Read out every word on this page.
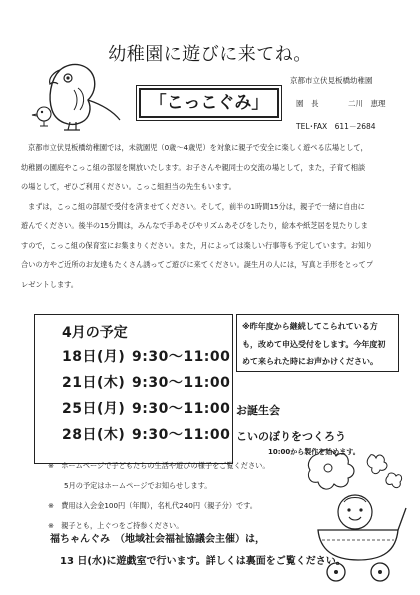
幼稚園に遊びに来てね。
「こっこぐみ」
京都市立伏見板橋幼稚園
園　長	二川　恵理
TEL･FAX　611－2684
京都市立伏見板橋幼稚園では，未就園児（0歳～4歳児）を対象に親子で安全に楽しく遊べる広場として，
幼稚園の園庭やこっこ組の部屋を開放いたします。お子さんや親同士の交流の場として，また，子育て相談
の場として，ぜひご利用ください。こっこ組担当の先生もいます。
まずは，こっこ組の部屋で受付を済ませてください。そして，前半の1時間15分は，親子で一緒に自由に
遊んでください。後半の15分間は，みんなで手あそびやリズムあそびをしたり，絵本や紙芝居を見たりしま
すので，こっこ組の保育室にお集まりください。また，月によっては楽しい行事等も予定しています。お知り
合いの方やご近所のお友達もたくさん誘ってご遊びに来てください。誕生月の人には，写真と手形をとってプ
レゼントします。
4月の予定
18日(月) 9:30～11:00
21日(木) 9:30～11:00
25日(月) 9:30～11:00
28日(木) 9:30～11:00
お誕生会
こいのぼりをつくろう
10:00から製作を始めます。
※昨年度から継続してこられている方
も，改めて申込受付をします。今年度初
めて来られた時にお声かけください。
※　ホームページで子どもたちの生活や遊びの様子をご覧ください。
5月の予定はホームページでお知らせします。
※　費用は入会金100円（年間），名札代240円（親子分）です。
※　親子とも，上ぐつをご持参ください。
福ちゃんぐみ　（地域社会福祉協議会主催）は，
13 日(水)に遊戯室で行います。詳しくは裏面をご覧ください。
